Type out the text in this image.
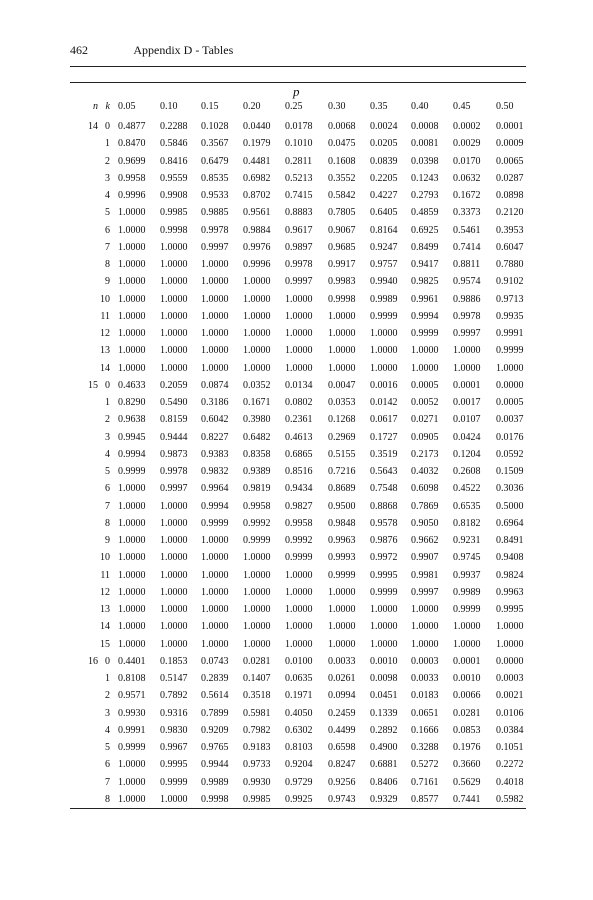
462	Appendix D - Tables
p
n k 0.05	0.10	0.15	0.20	0.25	0.30	0.35	0.40	0.45	0.50
14 0 0.4877	0.2288	0.1028	0.0440	0.0178	0.0068	0.0024	0.0008	0.0002	0.0001
1 0.8470	0.5846	0.3567	0.1979	0.1010	0.0475	0.0205	0.0081	0.0029	0.0009
2 0.9699	0.8416	0.6479	0.4481	0.2811	0.1608	0.0839	0.0398	0.0170	0.0065
3 0.9958	0.9559	0.8535	0.6982	0.5213	0.3552	0.2205	0.1243	0.0632	0.0287
4 0.9996	0.9908	0.9533	0.8702	0.7415	0.5842	0.4227	0.2793	0.1672	0.0898
5 1.0000	0.9985	0.9885	0.9561	0.8883	0.7805	0.6405	0.4859	0.3373	0.2120
6 1.0000	0.9998	0.9978	0.9884	0.9617	0.9067	0.8164	0.6925	0.5461	0.3953
7 1.0000	1.0000	0.9997	0.9976	0.9897	0.9685	0.9247	0.8499	0.7414	0.6047
8 1.0000	1.0000	1.0000	0.9996	0.9978	0.9917	0.9757	0.9417	0.8811	0.7880
9 1.0000	1.0000	1.0000	1.0000	0.9997	0.9983	0.9940	0.9825	0.9574	0.9102
10 1.0000	1.0000	1.0000	1.0000	1.0000	0.9998	0.9989	0.9961	0.9886	0.9713
11 1.0000	1.0000	1.0000	1.0000	1.0000	1.0000	0.9999	0.9994	0.9978	0.9935
12 1.0000	1.0000	1.0000	1.0000	1.0000	1.0000	1.0000	0.9999	0.9997	0.9991
13 1.0000	1.0000	1.0000	1.0000	1.0000	1.0000	1.0000	1.0000	1.0000	0.9999
14 1.0000	1.0000	1.0000	1.0000	1.0000	1.0000	1.0000	1.0000	1.0000	1.0000
15 0 0.4633	0.2059	0.0874	0.0352	0.0134	0.0047	0.0016	0.0005	0.0001	0.0000
1 0.8290	0.5490	0.3186	0.1671	0.0802	0.0353	0.0142	0.0052	0.0017	0.0005
2 0.9638	0.8159	0.6042	0.3980	0.2361	0.1268	0.0617	0.0271	0.0107	0.0037
3 0.9945	0.9444	0.8227	0.6482	0.4613	0.2969	0.1727	0.0905	0.0424	0.0176
4 0.9994	0.9873	0.9383	0.8358	0.6865	0.5155	0.3519	0.2173	0.1204	0.0592
5 0.9999	0.9978	0.9832	0.9389	0.8516	0.7216	0.5643	0.4032	0.2608	0.1509
6 1.0000	0.9997	0.9964	0.9819	0.9434	0.8689	0.7548	0.6098	0.4522	0.3036
7 1.0000	1.0000	0.9994	0.9958	0.9827	0.9500	0.8868	0.7869	0.6535	0.5000
8 1.0000	1.0000	0.9999	0.9992	0.9958	0.9848	0.9578	0.9050	0.8182	0.6964
9 1.0000	1.0000	1.0000	0.9999	0.9992	0.9963	0.9876	0.9662	0.9231	0.8491
10 1.0000	1.0000	1.0000	1.0000	0.9999	0.9993	0.9972	0.9907	0.9745	0.9408
11 1.0000	1.0000	1.0000	1.0000	1.0000	0.9999	0.9995	0.9981	0.9937	0.9824
12 1.0000	1.0000	1.0000	1.0000	1.0000	1.0000	0.9999	0.9997	0.9989	0.9963
13 1.0000	1.0000	1.0000	1.0000	1.0000	1.0000	1.0000	1.0000	0.9999	0.9995
14 1.0000	1.0000	1.0000	1.0000	1.0000	1.0000	1.0000	1.0000	1.0000	1.0000
15 1.0000	1.0000	1.0000	1.0000	1.0000	1.0000	1.0000	1.0000	1.0000	1.0000
16 0 0.4401	0.1853	0.0743	0.0281	0.0100	0.0033	0.0010	0.0003	0.0001	0.0000
1 0.8108	0.5147	0.2839	0.1407	0.0635	0.0261	0.0098	0.0033	0.0010	0.0003
2 0.9571	0.7892	0.5614	0.3518	0.1971	0.0994	0.0451	0.0183	0.0066	0.0021
3 0.9930	0.9316	0.7899	0.5981	0.4050	0.2459	0.1339	0.0651	0.0281	0.0106
4 0.9991	0.9830	0.9209	0.7982	0.6302	0.4499	0.2892	0.1666	0.0853	0.0384
5 0.9999	0.9967	0.9765	0.9183	0.8103	0.6598	0.4900	0.3288	0.1976	0.1051
6 1.0000	0.9995	0.9944	0.9733	0.9204	0.8247	0.6881	0.5272	0.3660	0.2272
7 1.0000	0.9999	0.9989	0.9930	0.9729	0.9256	0.8406	0.7161	0.5629	0.4018
8 1.0000	1.0000	0.9998	0.9985	0.9925	0.9743	0.9329	0.8577	0.7441	0.5982
